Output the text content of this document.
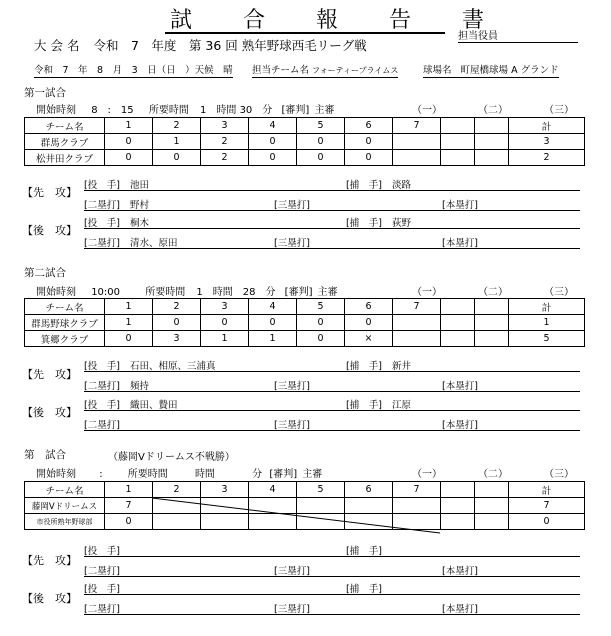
試 合 報 告 書
担当役員
大 会 名 令和　7　年度　第 36 回 熟年野球西毛リーグ戦
令和　7　年　8　月　3　日（日　）天候　晴 担当チーム名 フォーティープライムス	球場名 町屋橋球場 A グランド
第一試合
開始時刻 8　:　15 所要時間 1　時間 30　分 [審判] 主審	（一）	（二）	（三）
チーム名	1	2	3	4	5	6	7			計
群馬クラブ	0	1	2	0	0	0				3
松井田クラブ	0	0	2	0	0	0				2
【先　攻】
[投　手] 池田	[捕　手] 淡路
[二塁打] 野村	[三塁打]	[本塁打]
【後　攻】
[投　手] 桐木	[捕　手] 荻野
[二塁打] 清水、原田	[三塁打]	[本塁打]
第二試合
開始時刻 10:00	所要時間 1　時間　28　分 [審判] 主審	（一）	（二）	（三）
チーム名	1	2	3	4	5	6	7			計
群馬野球クラブ	1	0	0	0	0	0				1
箕郷クラブ	0	3	1	1	0	×				5
【先　攻】
[投　手] 石田、相原、三浦真	[捕　手] 新井
[二塁打] 頻持	[三塁打]	[本塁打]
【後　攻】
[投　手] 織田、贄田	[捕　手] 江原
[二塁打]	[三塁打]	[本塁打]
第　試合	（藤岡Vドリームス不戦勝）
開始時刻 :	所要時間	時間	分 [審判] 主審	（一）	（二）	（三）
チーム名	1	2	3	4	5	6	7			計
藤岡Vドリームス	7									7
市役所熟年野球部	0									0
【先　攻】
[投　手]	[捕　手]
[二塁打]	[三塁打]	[本塁打]
【後　攻】
[投　手]	[捕　手]
[二塁打]	[三塁打]	[本塁打]
